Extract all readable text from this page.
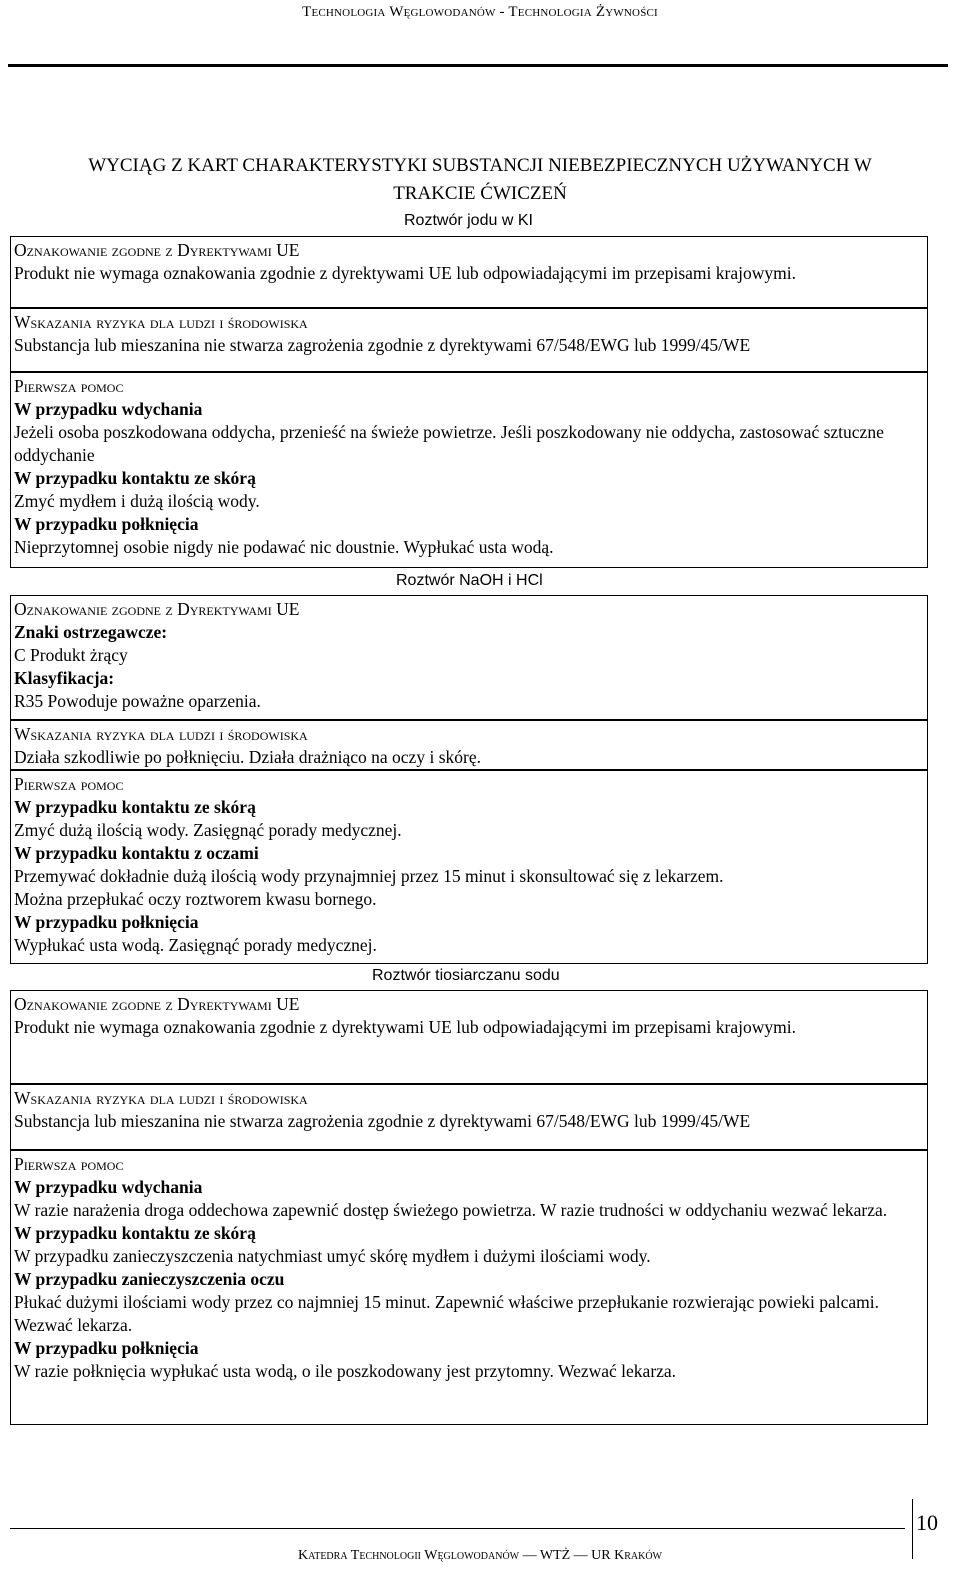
Technologia Węglowodanów - Technologia Żywności
WYCIĄG Z KART CHARAKTERYSTYKI SUBSTANCJI NIEBEZPIECZNYCH UŻYWANYCH W
TRAKCIE ĆWICZEŃ
Roztwór jodu w KI
Oznakowanie zgodne z Dyrektywami UE
Produkt nie wymaga oznakowania zgodnie z dyrektywami UE lub odpowiadającymi im przepisami krajowymi.
Wskazania ryzyka dla ludzi i środowiska
Substancja lub mieszanina nie stwarza zagrożenia zgodnie z dyrektywami 67/548/EWG lub 1999/45/WE
Pierwsza pomoc
W przypadku wdychania
Jeżeli osoba poszkodowana oddycha, przenieść na świeże powietrze. Jeśli poszkodowany nie oddycha, zastosować sztuczne oddychanie
W przypadku kontaktu ze skórą
Zmyć mydłem i dużą ilością wody.
W przypadku połknięcia
Nieprzytomnej osobie nigdy nie podawać nic doustnie. Wypłukać usta wodą.
Roztwór NaOH i HCl
Oznakowanie zgodne z Dyrektywami UE
Znaki ostrzegawcze:
C Produkt żrący
Klasyfikacja:
R35 Powoduje poważne oparzenia.
Wskazania ryzyka dla ludzi i środowiska
Działa szkodliwie po połknięciu. Działa drażniąco na oczy i skórę.
Pierwsza pomoc
W przypadku kontaktu ze skórą
Zmyć dużą ilością wody. Zasięgnąć porady medycznej.
W przypadku kontaktu z oczami
Przemywać dokładnie dużą ilością wody przynajmniej przez 15 minut i skonsultować się z lekarzem.
Można przepłukać oczy roztworem kwasu bornego.
W przypadku połknięcia
Wypłukać usta wodą. Zasięgnąć porady medycznej.
Roztwór tiosiarczanu sodu
Oznakowanie zgodne z Dyrektywami UE
Produkt nie wymaga oznakowania zgodnie z dyrektywami UE lub odpowiadającymi im przepisami krajowymi.
Wskazania ryzyka dla ludzi i środowiska
Substancja lub mieszanina nie stwarza zagrożenia zgodnie z dyrektywami 67/548/EWG lub 1999/45/WE
Pierwsza pomoc
W przypadku wdychania
W razie narażenia droga oddechowa zapewnić dostęp świeżego powietrza. W razie trudności w oddychaniu wezwać lekarza.
W przypadku kontaktu ze skórą
W przypadku zanieczyszczenia natychmiast umyć skórę mydłem i dużymi ilościami wody.
W przypadku zanieczyszczenia oczu
Płukać dużymi ilościami wody przez co najmniej 15 minut. Zapewnić właściwe przepłukanie rozwierając powieki palcami. Wezwać lekarza.
W przypadku połknięcia
W razie połknięcia wypłukać usta wodą, o ile poszkodowany jest przytomny. Wezwać lekarza.
10
Katedra Technologii Węglowodanów — WTŻ — UR Kraków
